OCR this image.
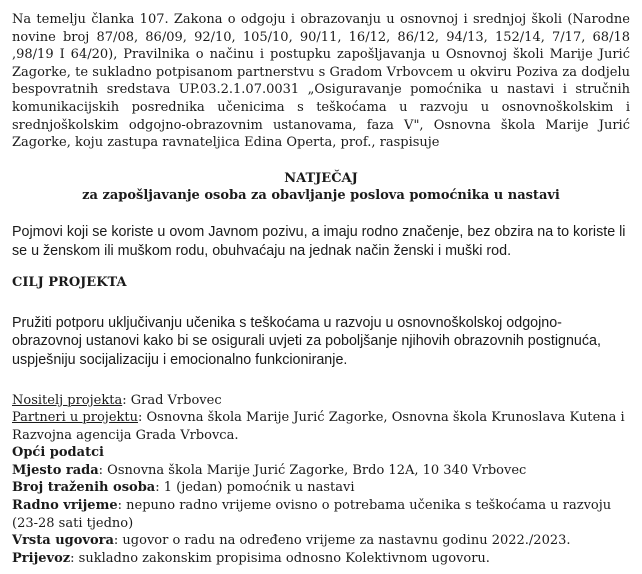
Na temelju članka 107. Zakona o odgoju i obrazovanju u osnovnoj i srednjoj školi (Narodne novine broj 87/08, 86/09, 92/10, 105/10, 90/11, 16/12, 86/12, 94/13, 152/14, 7/17, 68/18 ,98/19 I 64/20), Pravilnika o načinu i postupku zapošljavanja u Osnovnoj školi Marije Jurić Zagorke, te sukladno potpisanom partnerstvu s Gradom Vrbovcem u okviru Poziva za dodjelu bespovratnih sredstava UP.03.2.1.07.0031 „Osiguravanje pomoćnika u nastavi i stručnih komunikacijskih posrednika učenicima s teškoćama u razvoju u osnovnoškolskim i srednjoškolskim odgojno-obrazovnim ustanovama, faza V", Osnovna škola Marije Jurić Zagorke, koju zastupa ravnateljica Edina Operta, prof., raspisuje

NATJEČAJ

za zapošljavanje osoba za obavljanje poslova pomoćnika u nastavi

Pojmovi koji se koriste u ovom Javnom pozivu, a imaju rodno značenje, bez obzira na to koriste li se u ženskom ili muškom rodu, obuhvaćaju na jednak način ženski i muški rod.

CILJ PROJEKTA

Pružiti potporu uključivanju učenika s teškoćama u razvoju u osnovnoškolskoj odgojno-obrazovnoj ustanovi kako bi se osigurali uvjeti za poboljšanje njihovih obrazovnih postignuća, uspješniju socijalizaciju i emocionalno funkcioniranje.

Nositelj projekta: Grad Vrbovec

Partneri u projektu: Osnovna škola Marije Jurić Zagorke, Osnovna škola Krunoslava Kutena i Razvojna agencija Grada Vrbovca.

Opći podatci

Mjesto rada: Osnovna škola Marije Jurić Zagorke, Brdo 12A, 10 340 Vrbovec

Broj traženih osoba: 1 (jedan) pomoćnik u nastavi

Radno vrijeme: nepuno radno vrijeme ovisno o potrebama učenika s teškoćama u razvoju (23-28 sati tjedno)

Vrsta ugovora: ugovor o radu na određeno vrijeme za nastavnu godinu 2022./2023.

Prijevoz: sukladno zakonskim propisima odnosno Kolektivnom ugovoru.
